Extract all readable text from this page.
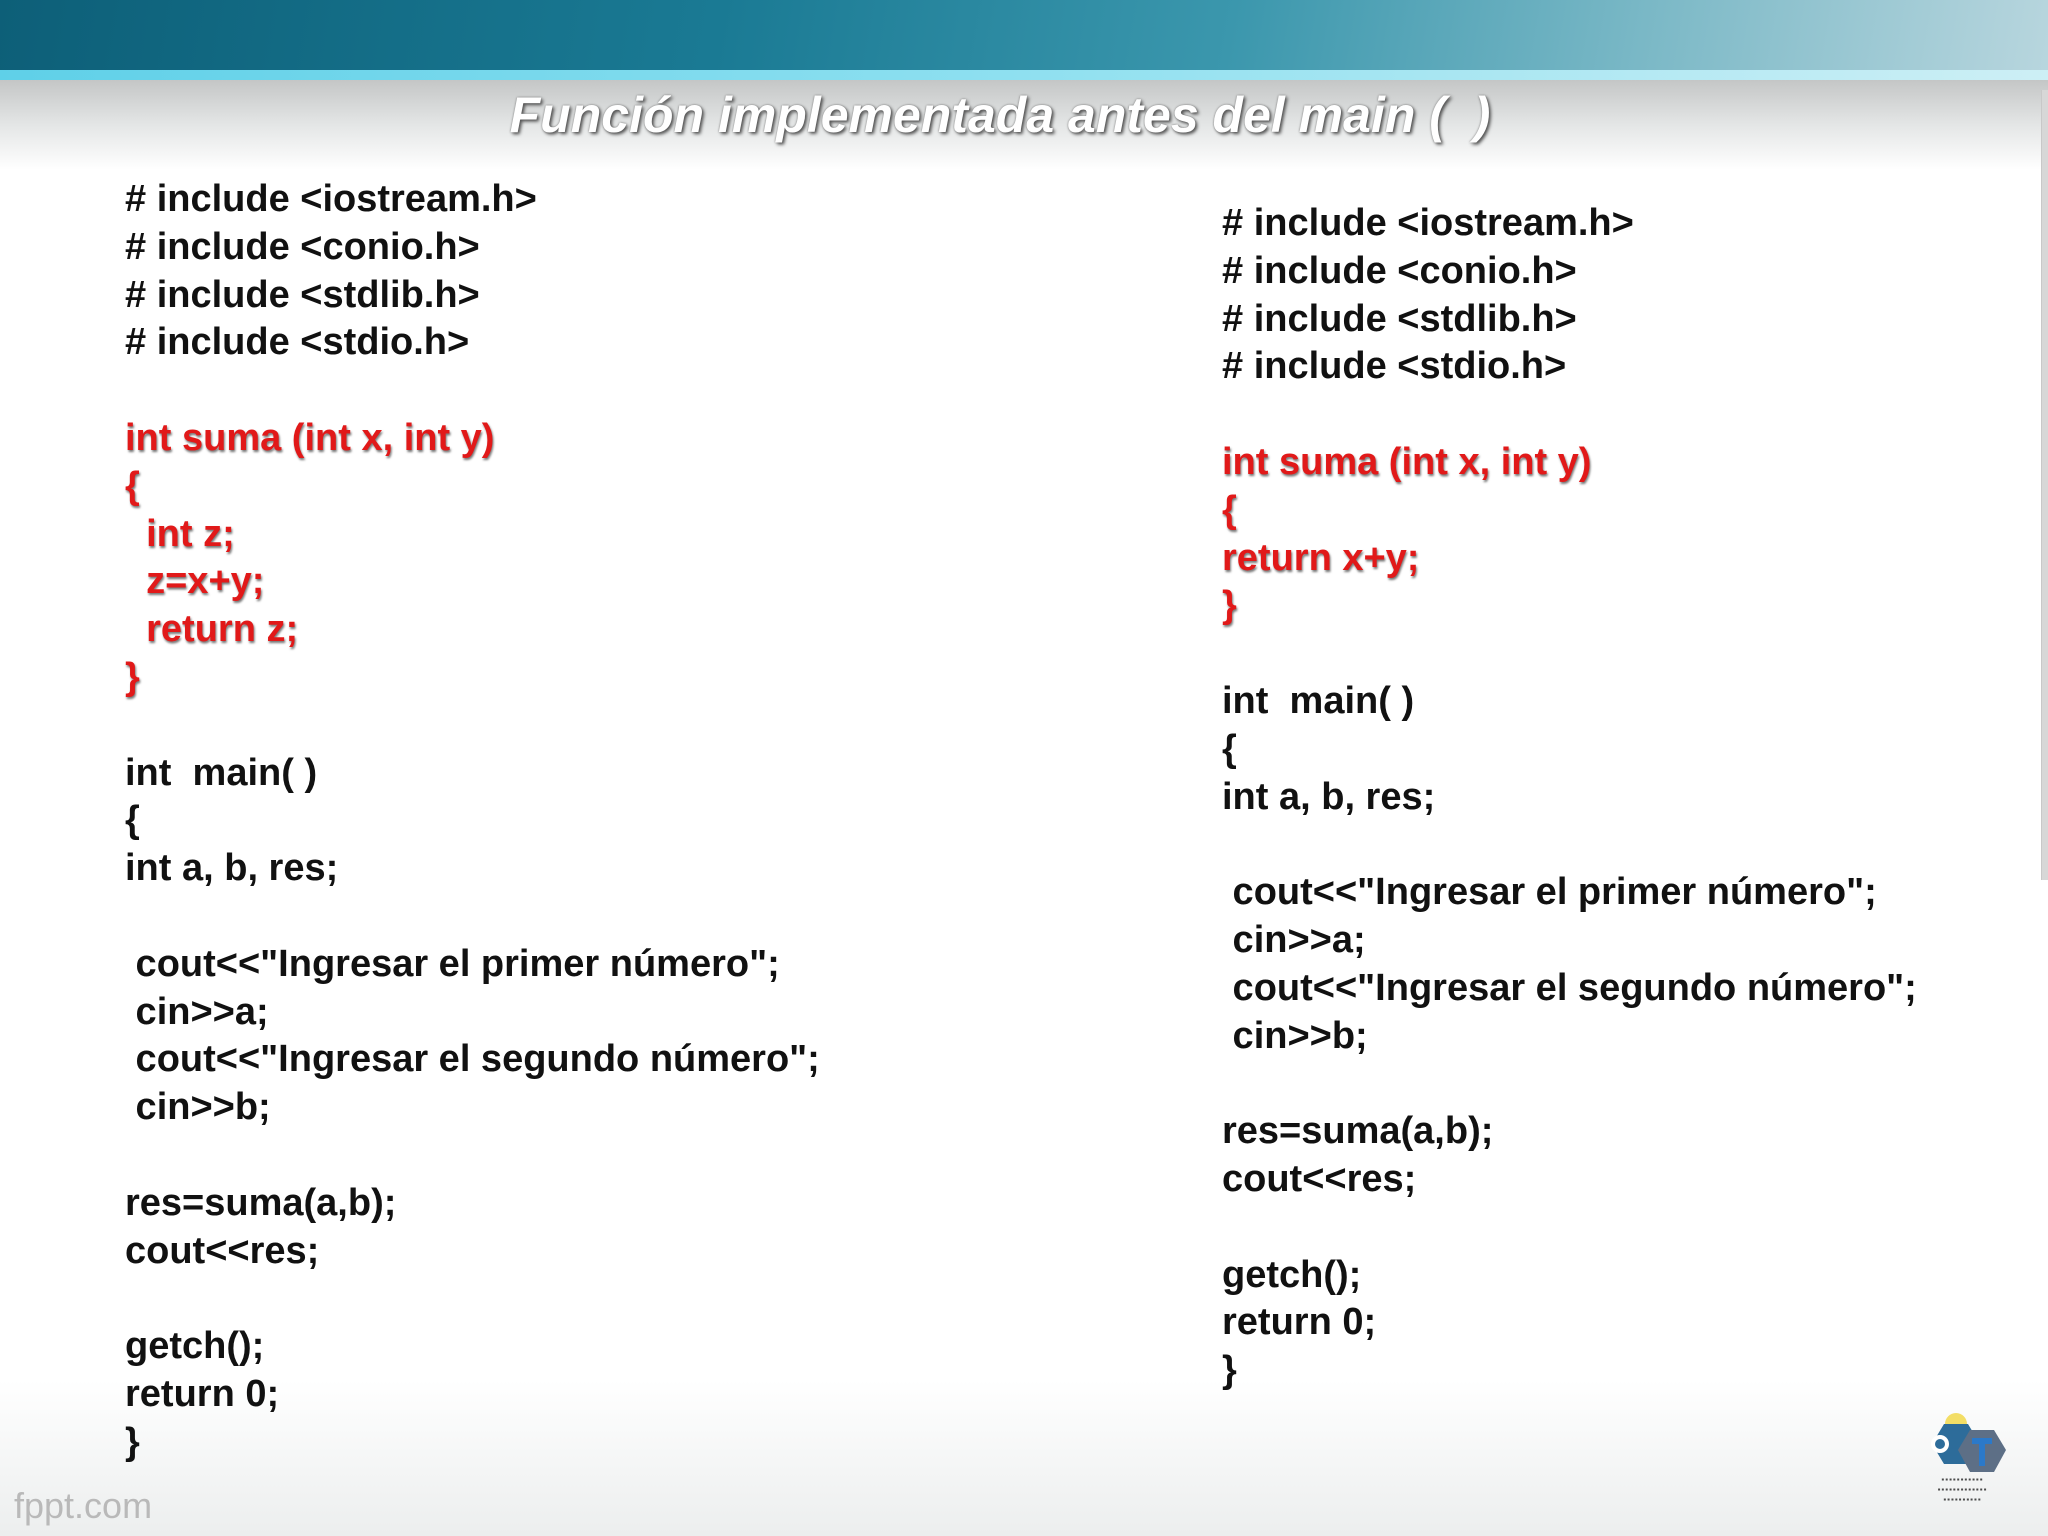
Función implementada antes del main (  )
# include <iostream.h>
# include <conio.h>
# include <stdlib.h>
# include <stdio.h>
int suma (int x, int y)
{
int z;
z=x+y;
return z;
}
int  main( )
{
int a, b, res;
cout<<"Ingresar el primer número";
cin>>a;
cout<<"Ingresar el segundo número";
cin>>b;
res=suma(a,b);
cout<<res;
getch();
return 0;
}
# include <iostream.h>
# include <conio.h>
# include <stdlib.h>
# include <stdio.h>
int suma (int x, int y)
{
return x+y;
}
int  main( )
{
int a, b, res;
cout<<"Ingresar el primer número";
cin>>a;
cout<<"Ingresar el segundo número";
cin>>b;
res=suma(a,b);
cout<<res;
getch();
return 0;
}
▪▪▪▪▪▪▪▪▪▪▪
▪▪▪▪▪▪▪▪▪▪▪▪▪
▪▪▪▪▪▪▪▪▪▪
fppt.com
